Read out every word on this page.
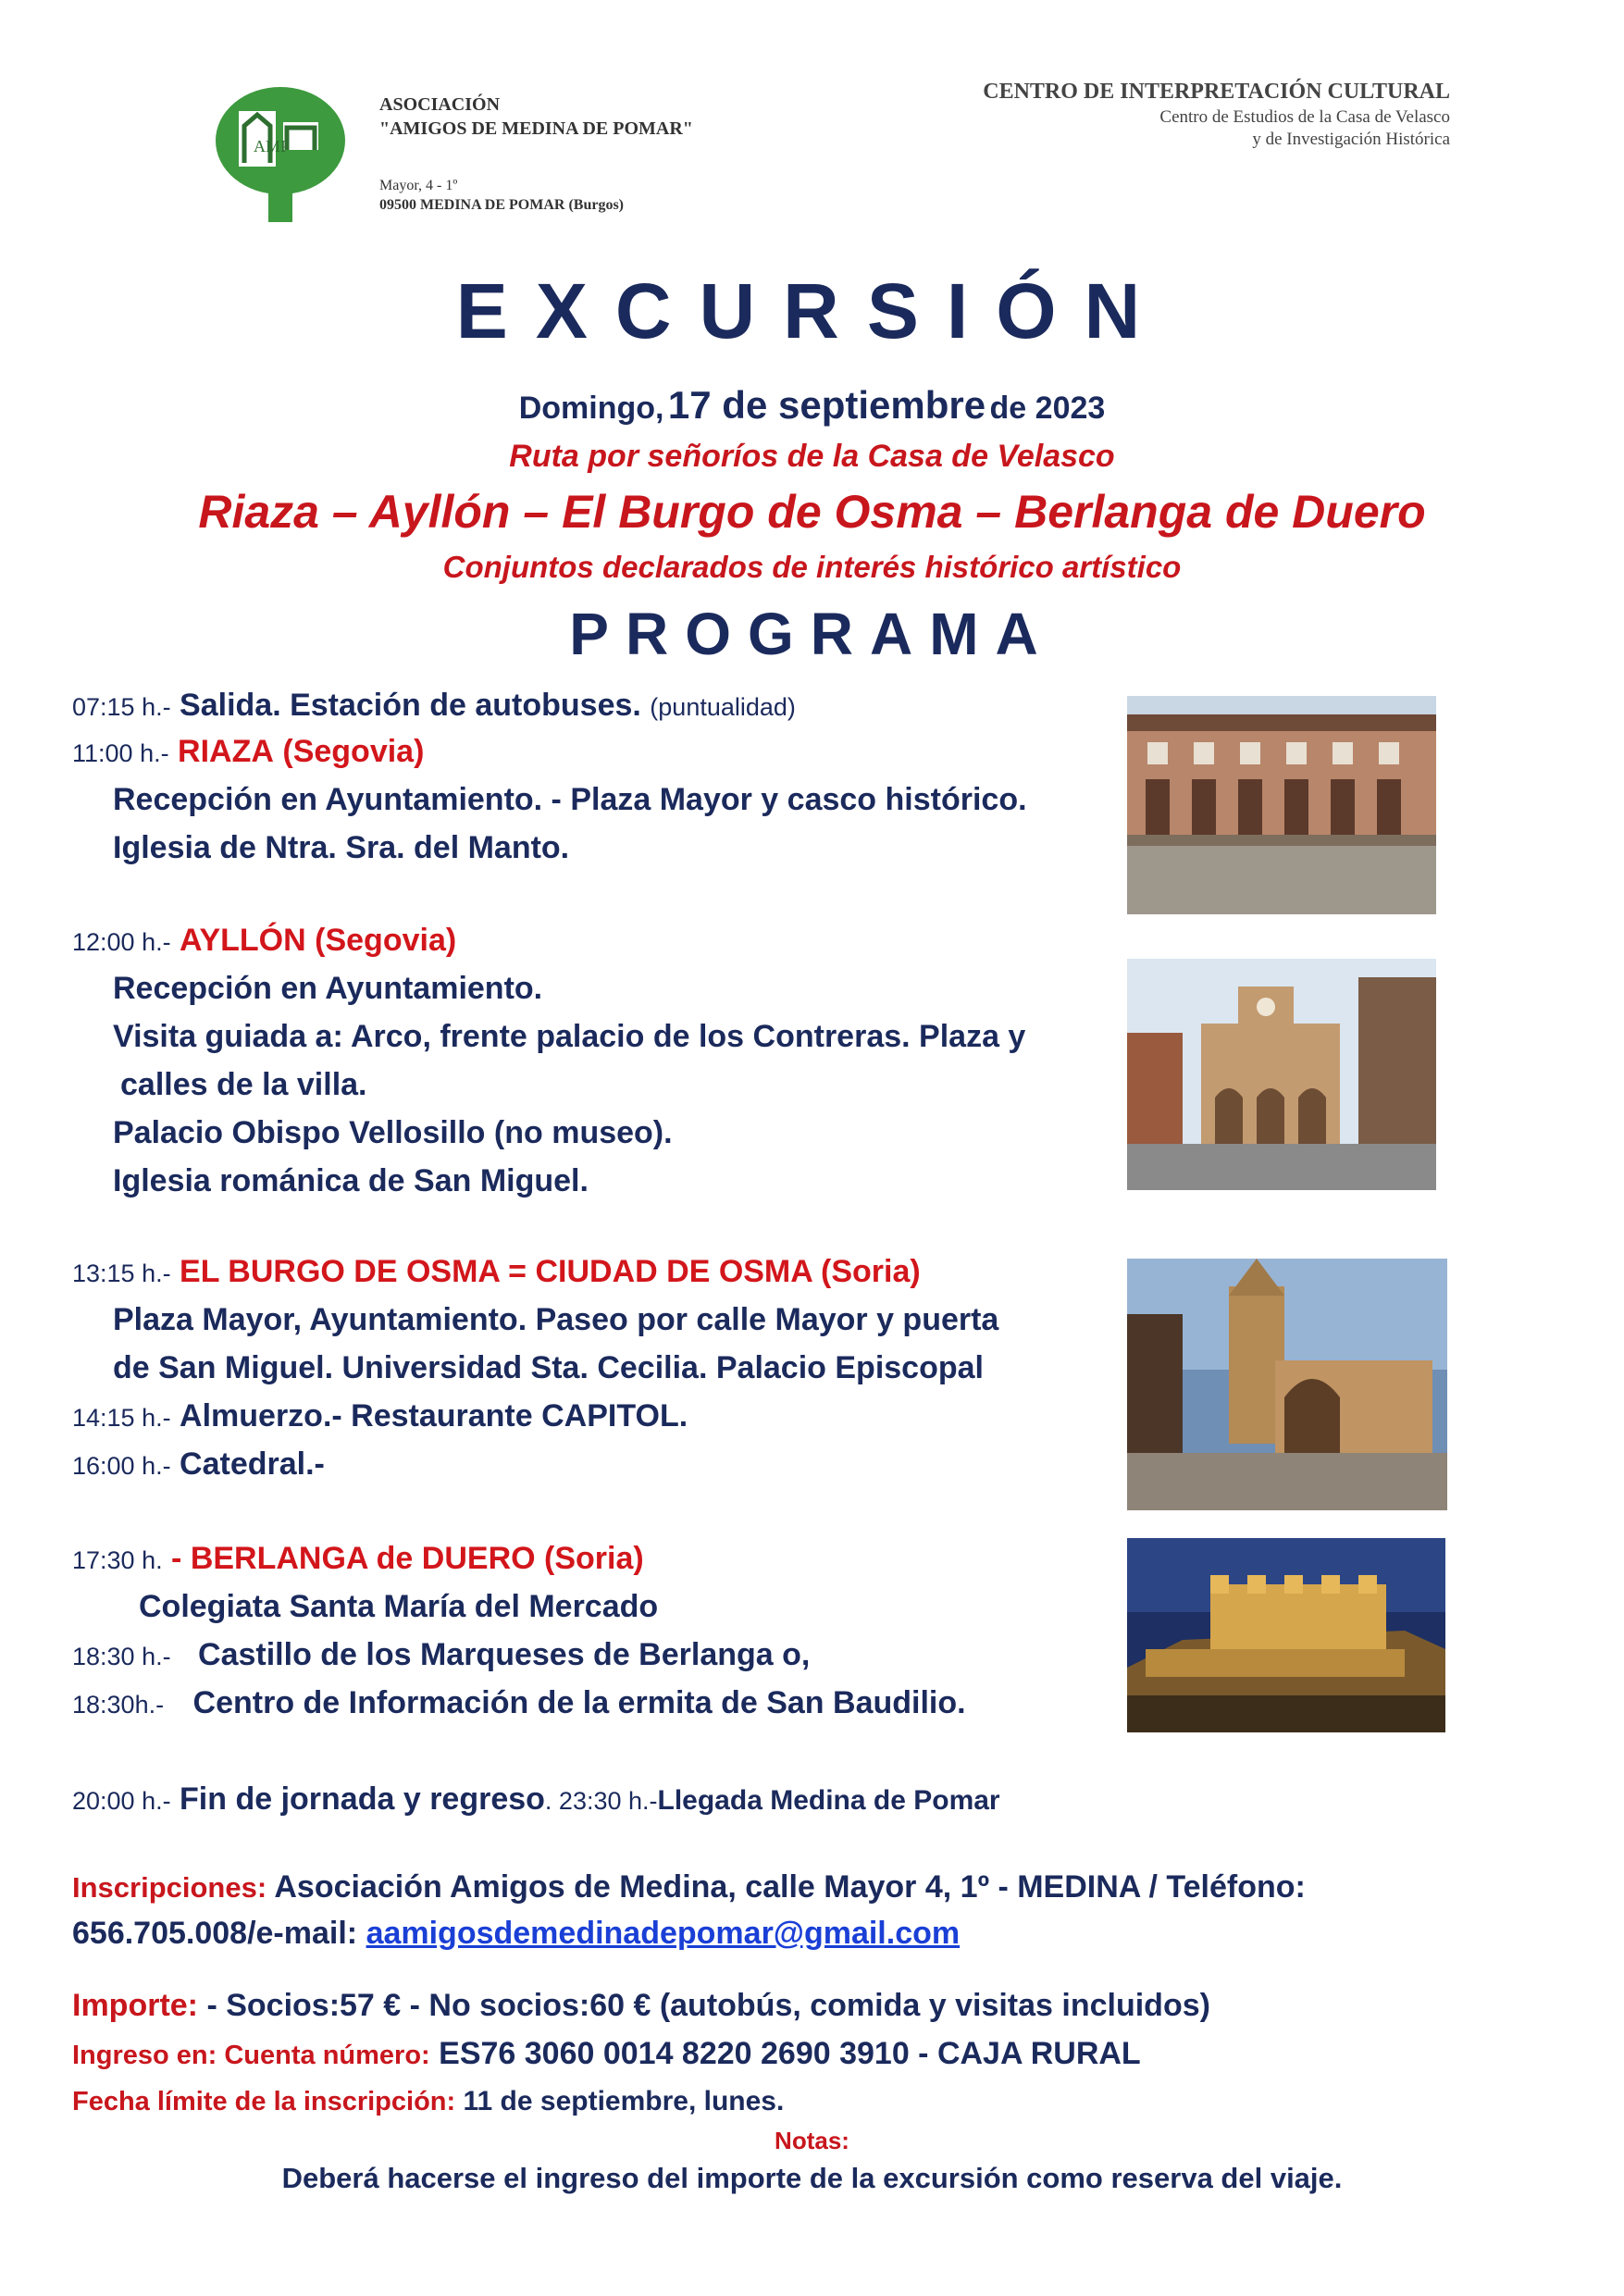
AMP
ASOCIACIÓN
"AMIGOS DE MEDINA DE POMAR"
Mayor, 4 - 1º
09500 MEDINA DE POMAR (Burgos)
CENTRO DE INTERPRETACIÓN CULTURAL
Centro de Estudios de la Casa de Velasco
y de Investigación Histórica
EXCURSIÓN
Domingo, 17 de septiembre de 2023
Ruta por señoríos de la Casa de Velasco
Riaza – Ayllón – El Burgo de Osma – Berlanga de Duero
Conjuntos declarados de interés histórico artístico
PROGRAMA
07:15 h.- Salida. Estación de autobuses. (puntualidad)
11:00 h.- RIAZA (Segovia)
Recepción en Ayuntamiento. - Plaza Mayor y casco histórico.
Iglesia de Ntra. Sra. del Manto.
12:00 h.- AYLLÓN (Segovia)
Recepción en Ayuntamiento.
Visita guiada a: Arco, frente palacio de los Contreras. Plaza y
calles de la villa.
Palacio Obispo Vellosillo (no museo).
Iglesia románica de San Miguel.
13:15 h.- EL BURGO DE OSMA = CIUDAD DE OSMA (Soria)
Plaza Mayor, Ayuntamiento. Paseo por calle Mayor y puerta
de San Miguel. Universidad Sta. Cecilia. Palacio Episcopal
14:15 h.- Almuerzo.- Restaurante CAPITOL.
16:00 h.- Catedral.-
17:30 h. - BERLANGA de DUERO (Soria)
Colegiata Santa María del Mercado
18:30 h.- Castillo de los Marqueses de Berlanga o,
18:30h.- Centro de Información de la ermita de San Baudilio.
20:00 h.- Fin de jornada y regreso. 23:30 h.-Llegada Medina de Pomar
Inscripciones: Asociación Amigos de Medina, calle Mayor 4, 1º - MEDINA / Teléfono:
656.705.008/e-mail: aamigosdemedinadepomar@gmail.com
Importe: - Socios:57 € - No socios:60 € (autobús, comida y visitas incluidos)
Ingreso en: Cuenta número: ES76 3060 0014 8220 2690 3910 - CAJA RURAL
Fecha límite de la inscripción: 11 de septiembre, lunes.
Notas:
Deberá hacerse el ingreso del importe de la excursión como reserva del viaje.
